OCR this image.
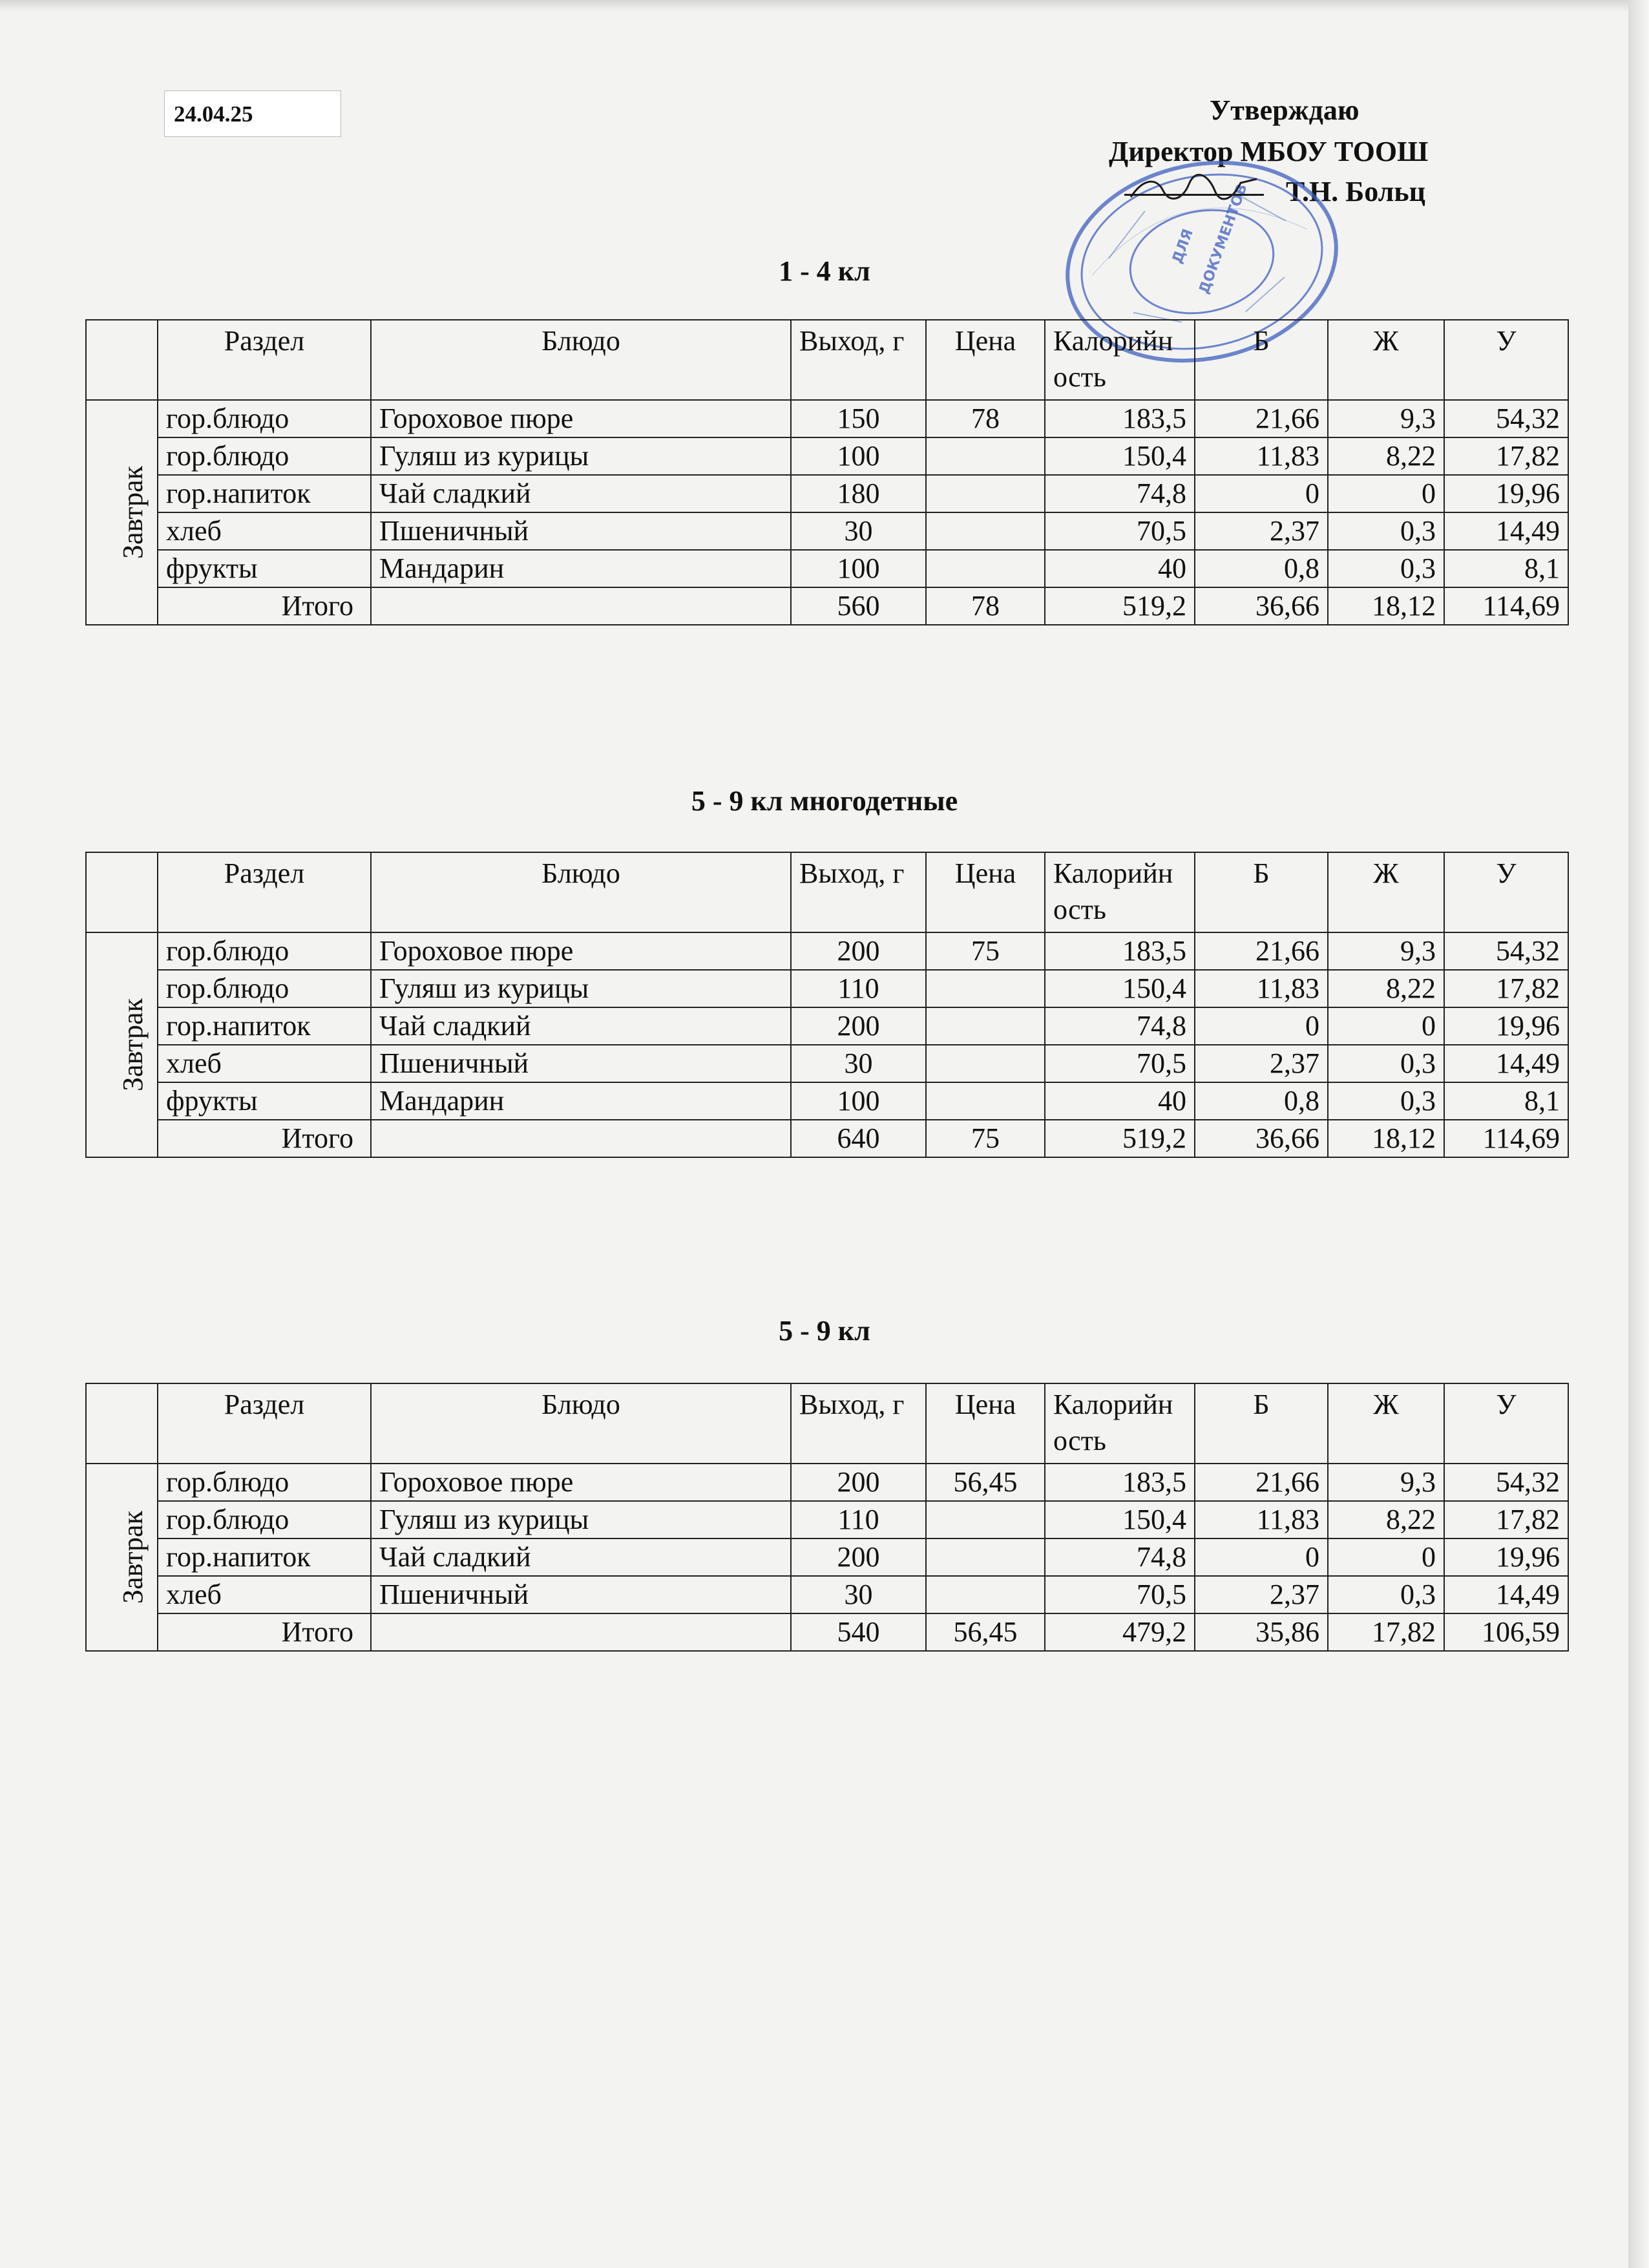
24.04.25	Утверждаю
Директор МБОУ ТООШ
Т.Н. Больц
ДЛЯ ДОКУМЕНТОВ
1 - 4 кл
	Раздел	Блюдо	Выход, г	Цена	Калорийность	Б	Ж	У
Завтрак	гор.блюдо	Гороховое пюре	150	78	183,5	21,66	9,3	54,32
	гор.блюдо	Гуляш из курицы	100		150,4	11,83	8,22	17,82
	гор.напиток	Чай сладкий	180		74,8	0	0	19,96
	хлеб	Пшеничный	30		70,5	2,37	0,3	14,49
	фрукты	Мандарин	100		40	0,8	0,3	8,1
	Итого		560	78	519,2	36,66	18,12	114,69
5 - 9 кл многодетные
	Раздел	Блюдо	Выход, г	Цена	Калорийность	Б	Ж	У
Завтрак	гор.блюдо	Гороховое пюре	200	75	183,5	21,66	9,3	54,32
	гор.блюдо	Гуляш из курицы	110		150,4	11,83	8,22	17,82
	гор.напиток	Чай сладкий	200		74,8	0	0	19,96
	хлеб	Пшеничный	30		70,5	2,37	0,3	14,49
	фрукты	Мандарин	100		40	0,8	0,3	8,1
	Итого		640	75	519,2	36,66	18,12	114,69
5 - 9 кл
	Раздел	Блюдо	Выход, г	Цена	Калорийность	Б	Ж	У
Завтрак	гор.блюдо	Гороховое пюре	200	56,45	183,5	21,66	9,3	54,32
	гор.блюдо	Гуляш из курицы	110		150,4	11,83	8,22	17,82
	гор.напиток	Чай сладкий	200		74,8	0	0	19,96
	хлеб	Пшеничный	30		70,5	2,37	0,3	14,49
	Итого		540	56,45	479,2	35,86	17,82	106,59
